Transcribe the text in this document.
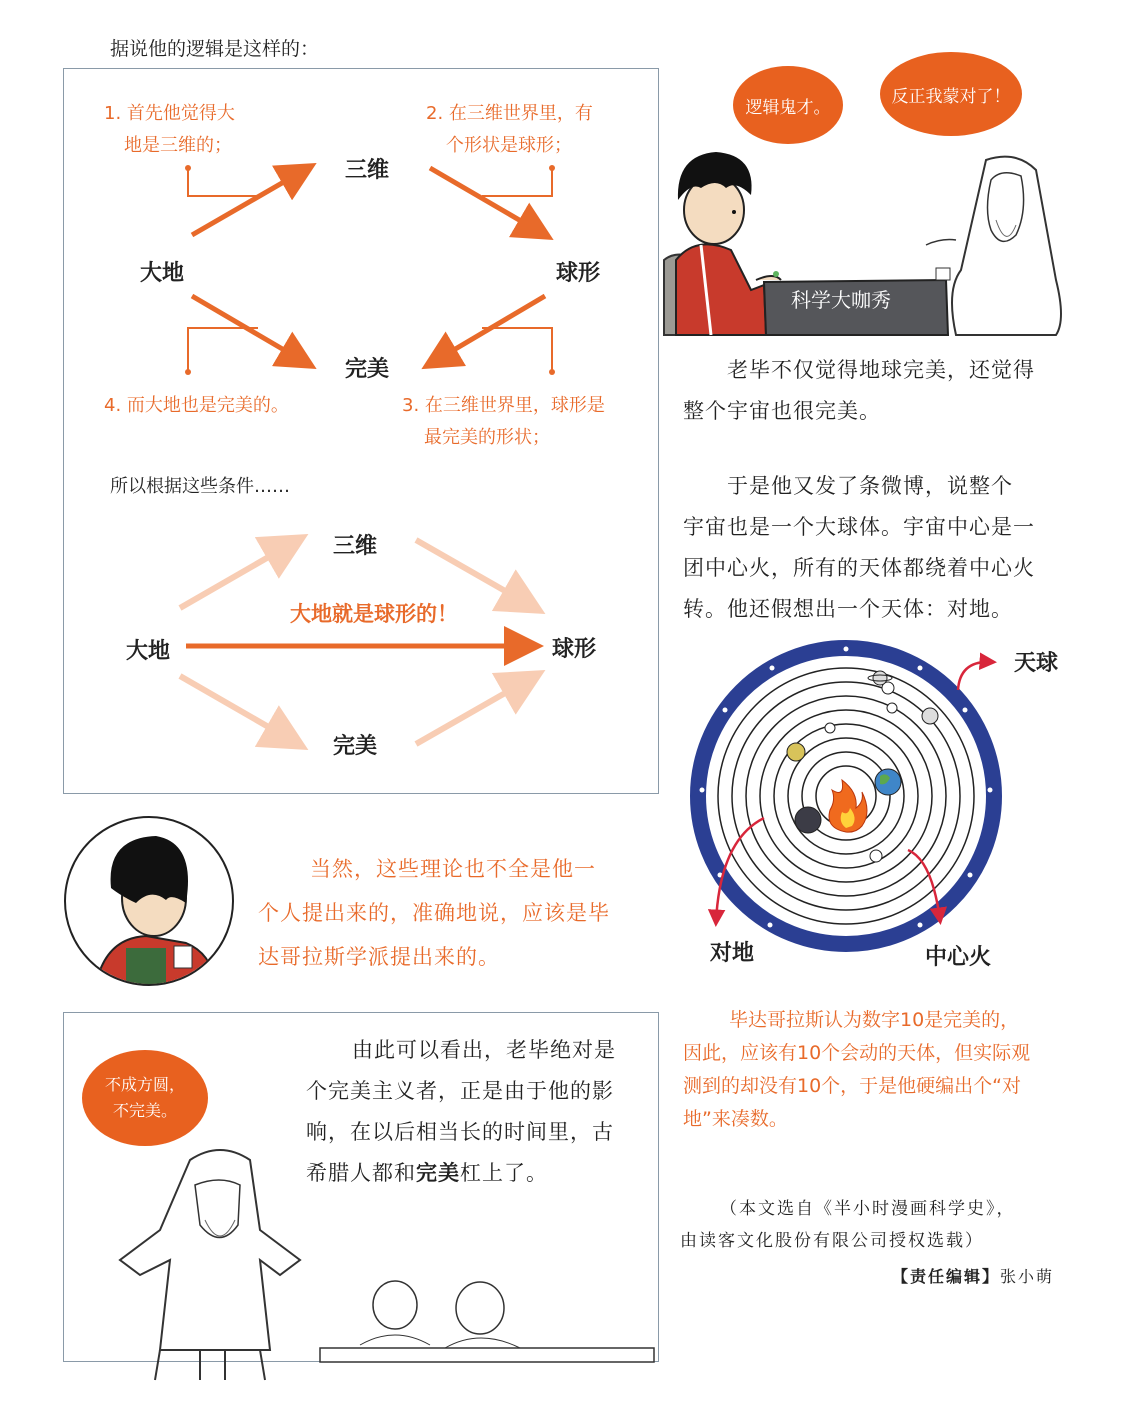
据说他的逻辑是这样的：
三维
大地	球形
完美
1. 首先他觉得大
地是三维的；
2. 在三维世界里，有
个形状是球形；
4. 而大地也是完美的。	3. 在三维世界里，球形是
最完美的形状；
所以根据这些条件……
三维
大地	球形
完美
大地就是球形的！
逻辑鬼才。
反正我蒙对了！
科学大咖秀
老毕不仅觉得地球完美，还觉得
整个宇宙也很完美。
于是他又发了条微博，说整个
宇宙也是一个大球体。宇宙中心是一
团中心火，所有的天体都绕着中心火
转。他还假想出一个天体：对地。
天球
对地	中心火
当然，这些理论也不全是他一
个人提出来的，准确地说，应该是毕
达哥拉斯学派提出来的。
毕达哥拉斯认为数字10是完美的，
因此，应该有10个会动的天体，但实际观
测到的却没有10个，于是他硬编出个“对
地”来凑数。
不成方圆，
不完美。
由此可以看出，老毕绝对是
个完美主义者，正是由于他的影
响，在以后相当长的时间里，古
希腊人都和完美杠上了。
（本文选自《半小时漫画科学史》，
由读客文化股份有限公司授权选载）
【责任编辑】张小萌
